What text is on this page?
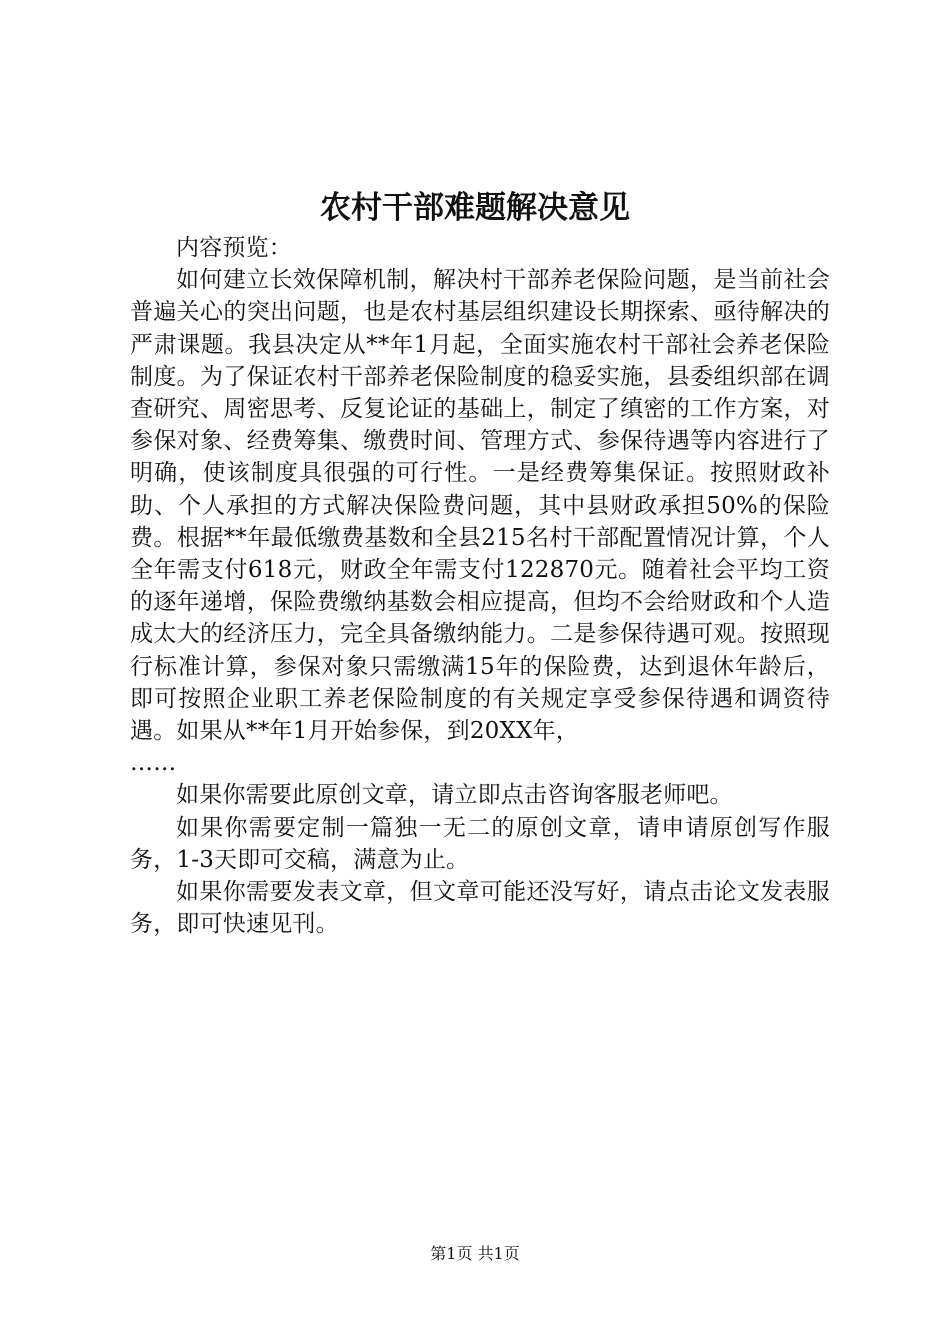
农村干部难题解决意见

内容预览：

如何建立长效保障机制，解决村干部养老保险问题，是当前社会普遍关心的突出问题，也是农村基层组织建设长期探索、亟待解决的严肃课题。我县决定从**年1月起，全面实施农村干部社会养老保险制度。为了保证农村干部养老保险制度的稳妥实施，县委组织部在调查研究、周密思考、反复论证的基础上，制定了缜密的工作方案，对参保对象、经费筹集、缴费时间、管理方式、参保待遇等内容进行了明确，使该制度具很强的可行性。一是经费筹集保证。按照财政补助、个人承担的方式解决保险费问题，其中县财政承担50%的保险费。根据**年最低缴费基数和全县215名村干部配置情况计算，个人全年需支付618元，财政全年需支付122870元。随着社会平均工资的逐年递增，保险费缴纳基数会相应提高，但均不会给财政和个人造成太大的经济压力，完全具备缴纳能力。二是参保待遇可观。按照现行标准计算，参保对象只需缴满15年的保险费，达到退休年龄后，即可按照企业职工养老保险制度的有关规定享受参保待遇和调资待遇。如果从**年1月开始参保，到20XX年，

……

如果你需要此原创文章，请立即点击咨询客服老师吧。

如果你需要定制一篇独一无二的原创文章，请申请原创写作服务，1-3天即可交稿，满意为止。

如果你需要发表文章，但文章可能还没写好，请点击论文发表服务，即可快速见刊。

第1页 共1页
